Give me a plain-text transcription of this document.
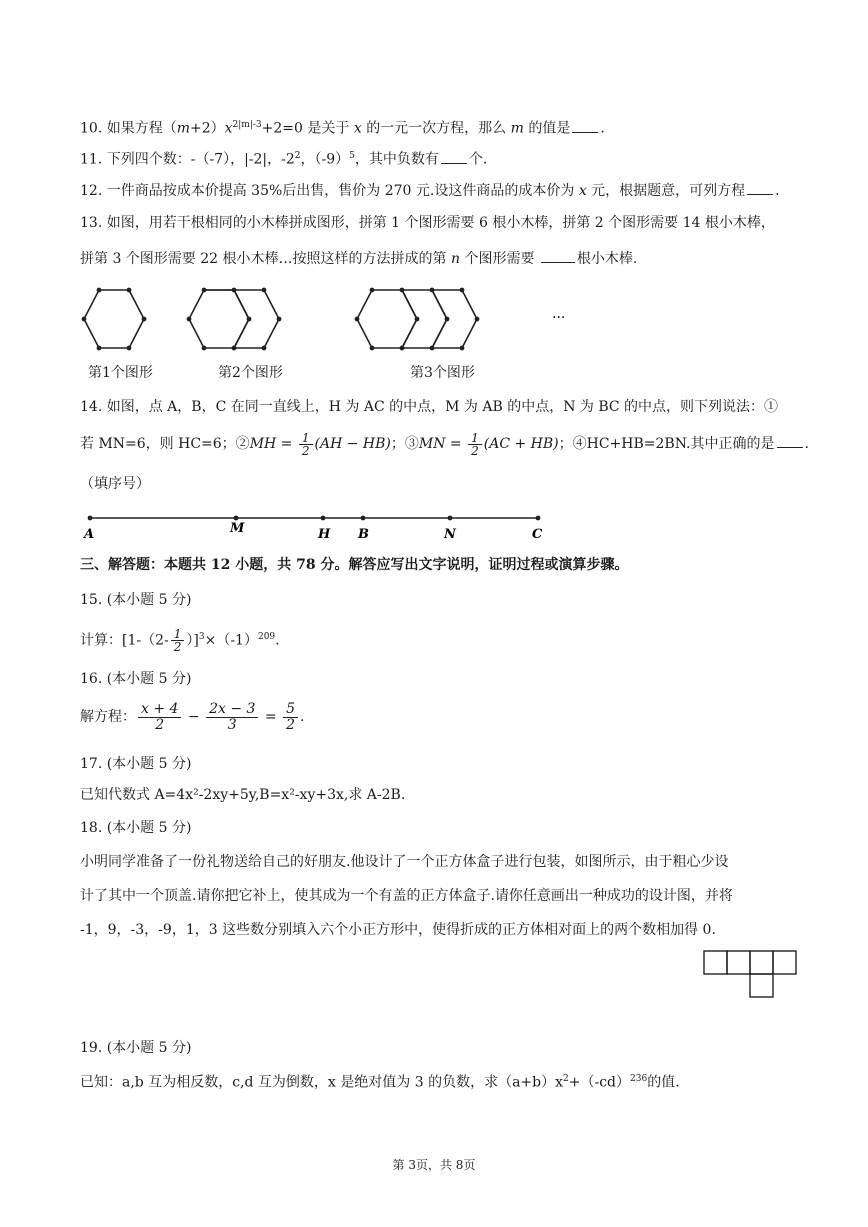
10. 如果方程$(m+2)x^{2|m|-3}+2=0$ 是关于 x 的一元一次方程，那么 m 的值是 .
11. 下列四个数：-（-7），|-2|，$-2^2$，$(-9)^5$，其中负数有 个.
12. 一件商品按成本价提高 35%后出售，售价为 270 元.设这件商品的成本价为 x 元，根据题意，可列方程 .
13. 如图，用若干根相同的小木棒拼成图形，拼第 1 个图形需要 6 根小木棒，拼第 2 个图形需要 14 根小木棒，
拼第 3 个图形需要 22 根小木棒…按照这样的方法拼成的第 n 个图形需要	根小木棒.
···
第1个图形	第2个图形	第3个图形
14. 如图，点 A，B，C 在同一直线上，H 为 AC 的中点，M 为 AB 的中点，N 为 BC 的中点，则下列说法：①
若 MN=6，则 HC=6；②MH = $\frac{1}{2} (AH - HB)$；③MN = $\frac{1}{2} (AC + HB)$；④HC+HB=2BN.其中正确的是 .
（填序号）
A	M	H B	N	C
三、解答题：本题共 12 小题，共 78 分。解答应写出文字说明，证明过程或演算步骤。
15. (本小题 5 分)
计算：$[1-(2- \frac{1}{2} )]^3\times(-1)^{209}$.
16. (本小题 5 分)
解方程： $\frac{x + 4}{2} - \frac{2x - 3}{3} = \frac{5}{2}$ .
17. (本小题 5 分)
已知代数式 A=4x²-2xy+5y,B=x²-xy+3x,求 A-2B.
18. (本小题 5 分)
小明同学准备了一份礼物送给自己的好朋友.他设计了一个正方体盒子进行包装，如图所示，由于粗心少设
计了其中一个顶盖.请你把它补上，使其成为一个有盖的正方体盒子.请你任意画出一种成功的设计图，并将
-1，9，-3，-9，1，3 这些数分别填入六个小正方形中，使得折成的正方体相对面上的两个数相加得 0.
19. (本小题 5 分)
已知：a,b 互为相反数，c,d 互为倒数，x 是绝对值为 3 的负数，求$(a+b)x^2+(-cd)^{236}$的值.
第 3页，共 8页
